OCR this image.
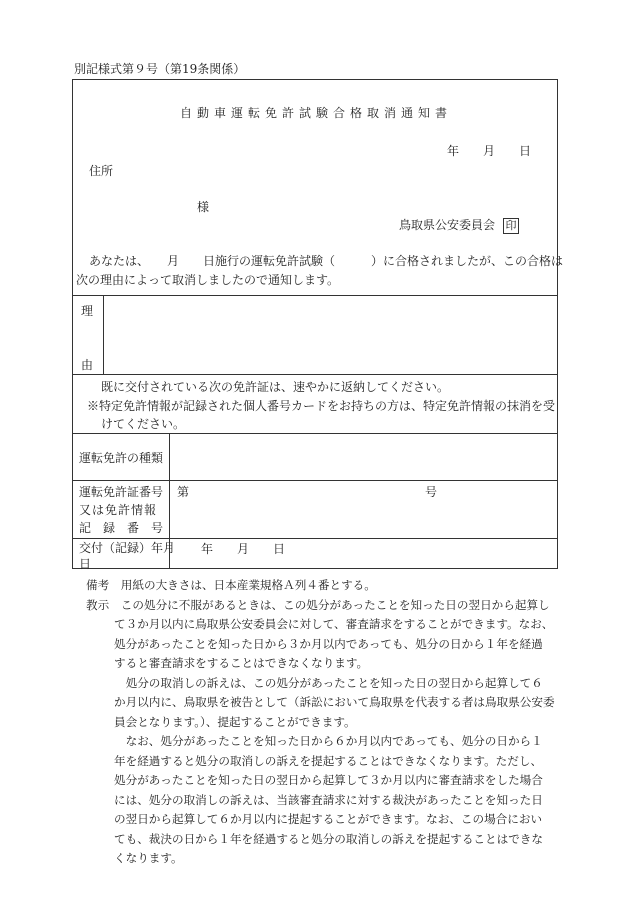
別記様式第９号（第19条関係）
自動車運転免許試験合格取消通知書
年　　月　　日
住所
様
鳥取県公安委員会 印
あなたは、　　月　　日施行の運転免許試験（　　　）に合格されましたが、この合格は
次の理由によって取消しましたので通知します。
理
由
既に交付されている次の免許証は、速やかに返納してください。
※特定免許情報が記録された個人番号カードをお持ちの方は、特定免許情報の抹消を受
けてください。
運転免許の種類
運転免許証番号
又は免許情報
記　録　番　号
第	号
交付（記録）年月
日
年　　月　　日

備考　用紙の大きさは、日本産業規格Ａ列４番とする。

教示　この処分に不服があるときは、この処分があったことを知った日の翌日から起算し

て３か月以内に鳥取県公安委員会に対して、審査請求をすることができます。なお、

処分があったことを知った日から３か月以内であっても、処分の日から１年を経過

すると審査請求をすることはできなくなります。

　処分の取消しの訴えは、この処分があったことを知った日の翌日から起算して６

か月以内に、鳥取県を被告として（訴訟において鳥取県を代表する者は鳥取県公安委

員会となります。）、提起することができます。

　なお、処分があったことを知った日から６か月以内であっても、処分の日から１

年を経過すると処分の取消しの訴えを提起することはできなくなります。ただし、

処分があったことを知った日の翌日から起算して３か月以内に審査請求をした場合

には、処分の取消しの訴えは、当該審査請求に対する裁決があったことを知った日

の翌日から起算して６か月以内に提起することができます。なお、この場合におい

ても、裁決の日から１年を経過すると処分の取消しの訴えを提起することはできな

くなります。
